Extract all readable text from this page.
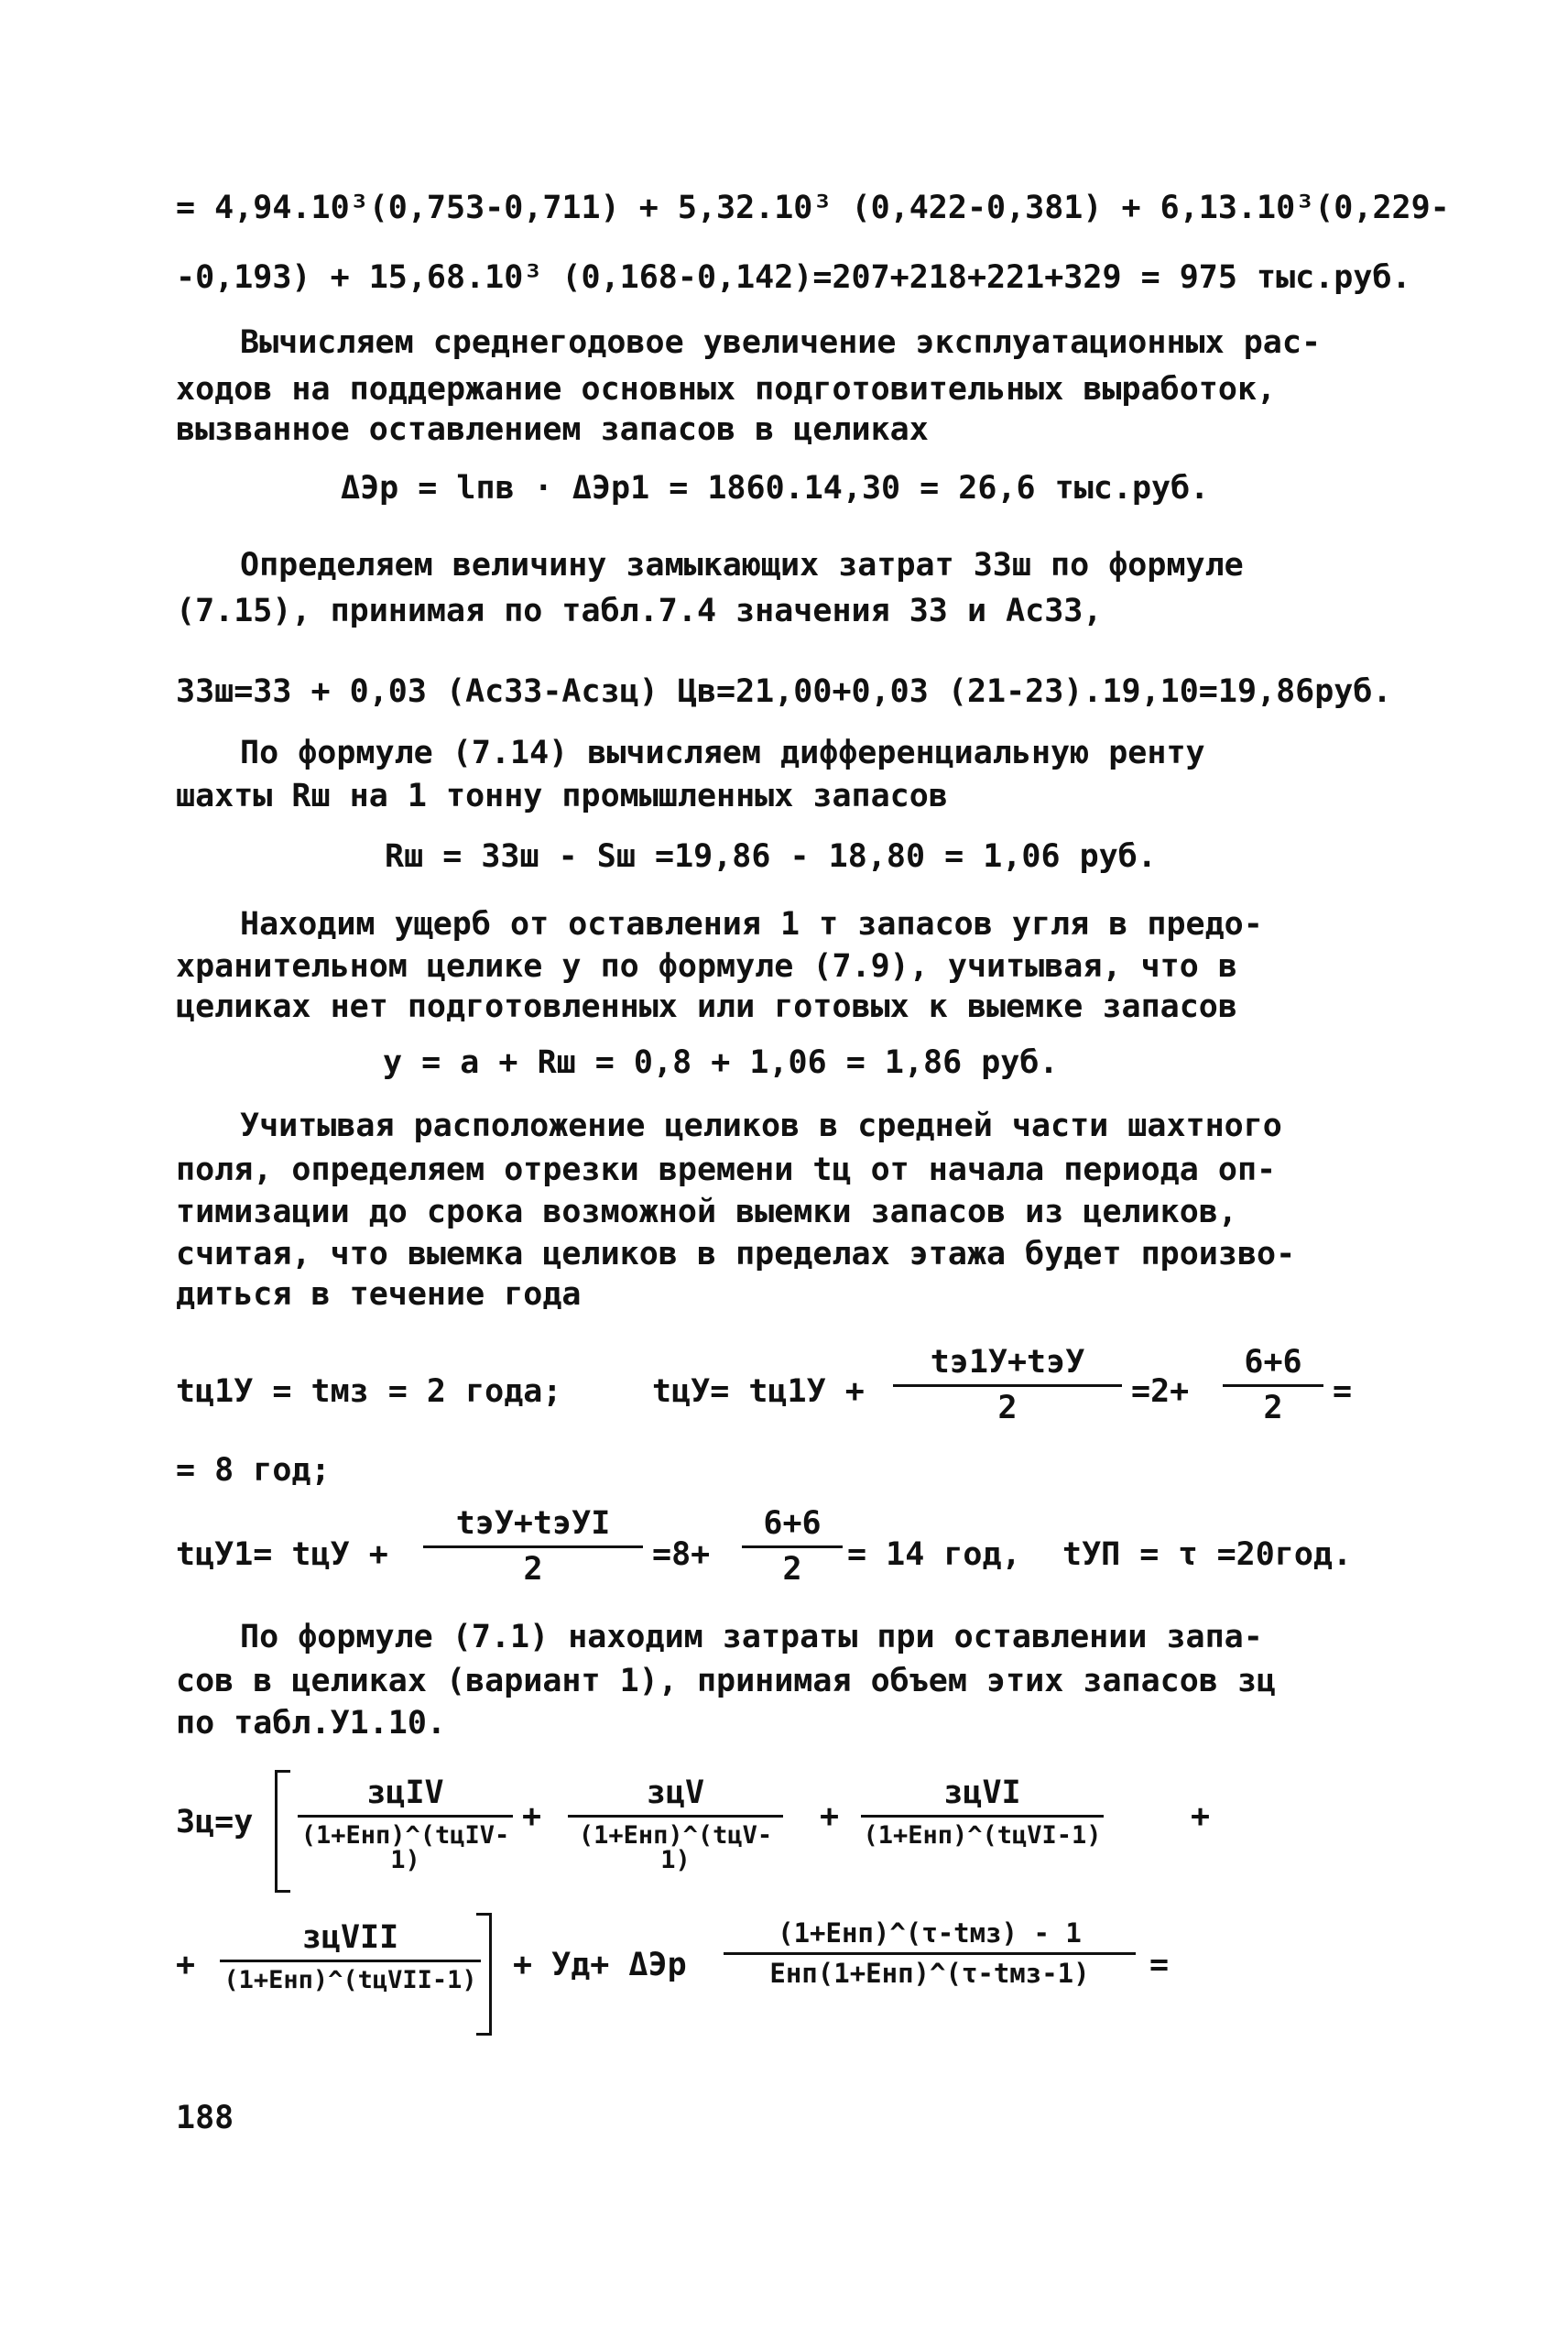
= 4,94.10³(0,753-0,711) + 5,32.10³ (0,422-0,381) + 6,13.10³(0,229-
-0,193) + 15,68.10³ (0,168-0,142)=207+218+221+329 = 975 тыс.руб.
Вычисляем среднегодовое увеличение эксплуатационных рас-
ходов на поддержание основных подготовительных выработок,
вызванное оставлением запасов в целиках
ΔЭр = lпв · ΔЭр1 = 1860.14,30 = 26,6 тыс.руб.
Определяем величину замыкающих затрат ЗЗш по формуле
(7.15), принимая по табл.7.4 значения ЗЗ и Aс33,
ЗЗш=ЗЗ + 0,03 (Aс33-Aсзц) Цв=21,00+0,03 (21-23).19,10=19,86руб.
По формуле (7.14) вычисляем дифференциальную ренту
шахты Rш на 1 тонну промышленных запасов
Rш = ЗЗш - Sш =19,86 - 18,80 = 1,06 руб.
Находим ущерб от оставления 1 т запасов угля в предо-
хранительном целике у по формуле (7.9), учитывая, что в
целиках нет подготовленных или готовых к выемке запасов
у = a + Rш = 0,8 + 1,06 = 1,86 руб.
Учитывая расположение целиков в средней части шахтного
поля, определяем отрезки времени tц от начала периода оп-
тимизации до срока возможной выемки запасов из целиков,
считая, что выемка целиков в пределах этажа будет произво-
диться в течение года
tц1У = tмз = 2 года;	tцУ= tц1У +
tэ1У+tэУ
2	$=2+ \frac{6+6}{2}$ =
= 8 год;
tцУ1= tцУ +
tэУ+tэУI
2	$=8+ \frac{6+6}{2} = 14$ год, tУП = τ =20год.
По формуле (7.1) находим затраты при оставлении запа-
сов в целиках (вариант 1), принимая объем этих запасов зц
по табл.У1.10.
Зц=у
зцIV
(1+Eнп)^(tцIV-1)
+
зцV
(1+Eнп)^(tцV-1)
+
зцVI
(1+Eнп)^(tцVI-1)
+
+
зцVII
(1+Eнп)^(tцVII-1) + Уд+ ΔЭр
(1+Eнп)^(τ-tмз) - 1
Eнп(1+Eнп)^(τ-tмз-1)	=
188
